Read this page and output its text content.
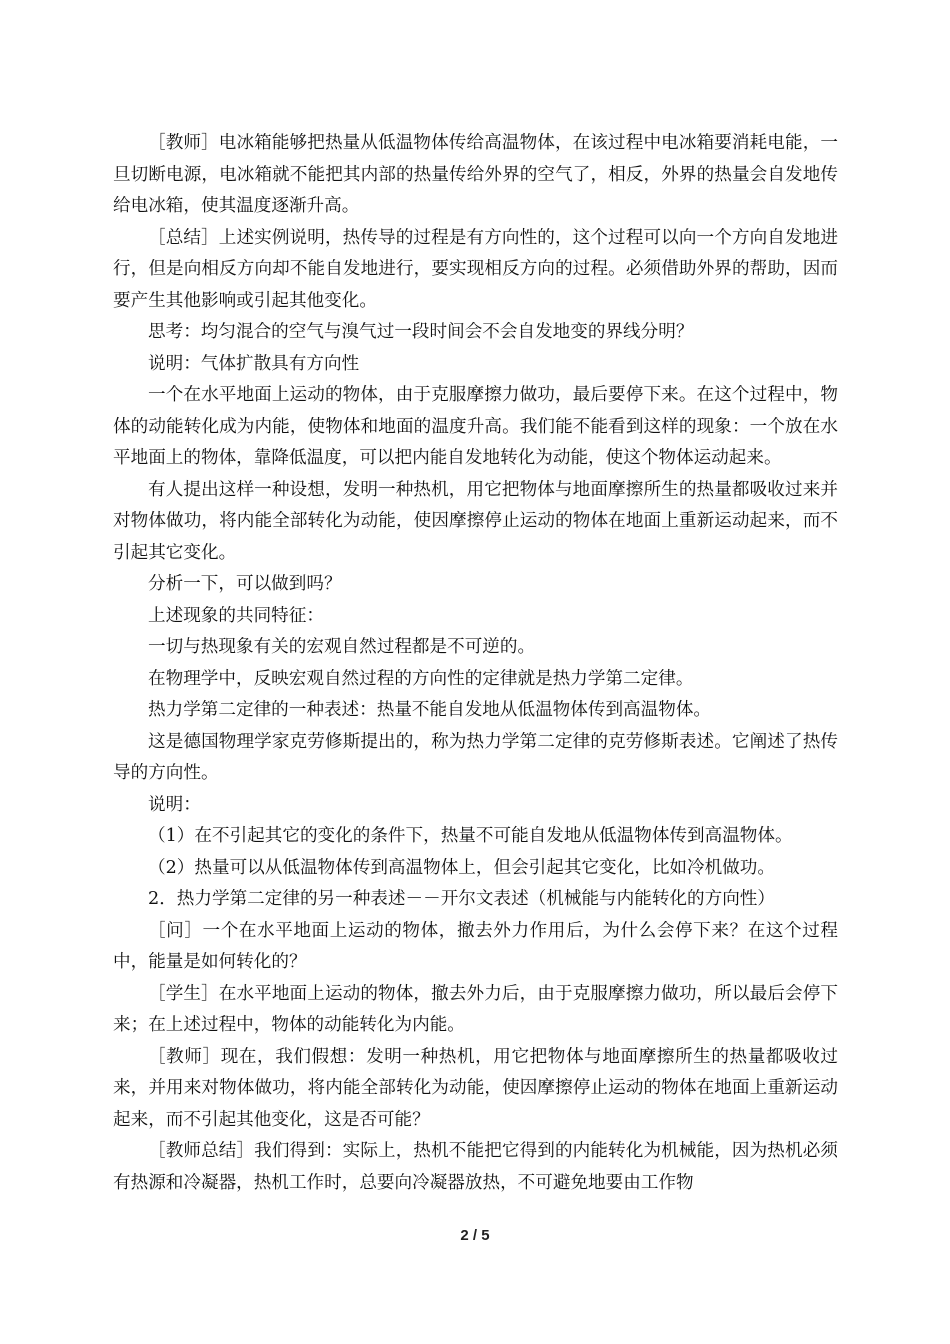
［教师］电冰箱能够把热量从低温物体传给高温物体，在该过程中电冰箱要消耗电能，一旦切断电源，电冰箱就不能把其内部的热量传给外界的空气了，相反，外界的热量会自发地传给电冰箱，使其温度逐渐升高。

［总结］上述实例说明，热传导的过程是有方向性的，这个过程可以向一个方向自发地进行，但是向相反方向却不能自发地进行，要实现相反方向的过程。必须借助外界的帮助，因而要产生其他影响或引起其他变化。

思考：均匀混合的空气与溴气过一段时间会不会自发地变的界线分明？

说明：气体扩散具有方向性

一个在水平地面上运动的物体，由于克服摩擦力做功，最后要停下来。在这个过程中，物体的动能转化成为内能，使物体和地面的温度升高。我们能不能看到这样的现象：一个放在水平地面上的物体，靠降低温度，可以把内能自发地转化为动能，使这个物体运动起来。

有人提出这样一种设想，发明一种热机，用它把物体与地面摩擦所生的热量都吸收过来并对物体做功，将内能全部转化为动能，使因摩擦停止运动的物体在地面上重新运动起来，而不引起其它变化。

分析一下，可以做到吗？

上述现象的共同特征：

一切与热现象有关的宏观自然过程都是不可逆的。

在物理学中，反映宏观自然过程的方向性的定律就是热力学第二定律。

热力学第二定律的一种表述：热量不能自发地从低温物体传到高温物体。

这是德国物理学家克劳修斯提出的，称为热力学第二定律的克劳修斯表述。它阐述了热传导的方向性。

说明：

（1）在不引起其它的变化的条件下，热量不可能自发地从低温物体传到高温物体。

（2）热量可以从低温物体传到高温物体上，但会引起其它变化，比如冷机做功。

2．热力学第二定律的另一种表述－－开尔文表述（机械能与内能转化的方向性）

［问］一个在水平地面上运动的物体，撤去外力作用后，为什么会停下来？在这个过程中，能量是如何转化的？

［学生］在水平地面上运动的物体，撤去外力后，由于克服摩擦力做功，所以最后会停下来；在上述过程中，物体的动能转化为内能。

［教师］现在，我们假想：发明一种热机，用它把物体与地面摩擦所生的热量都吸收过来，并用来对物体做功，将内能全部转化为动能，使因摩擦停止运动的物体在地面上重新运动起来，而不引起其他变化，这是否可能？

［教师总结］我们得到：实际上，热机不能把它得到的内能转化为机械能，因为热机必须有热源和冷凝器，热机工作时，总要向冷凝器放热，不可避免地要由工作物

2 / 5
